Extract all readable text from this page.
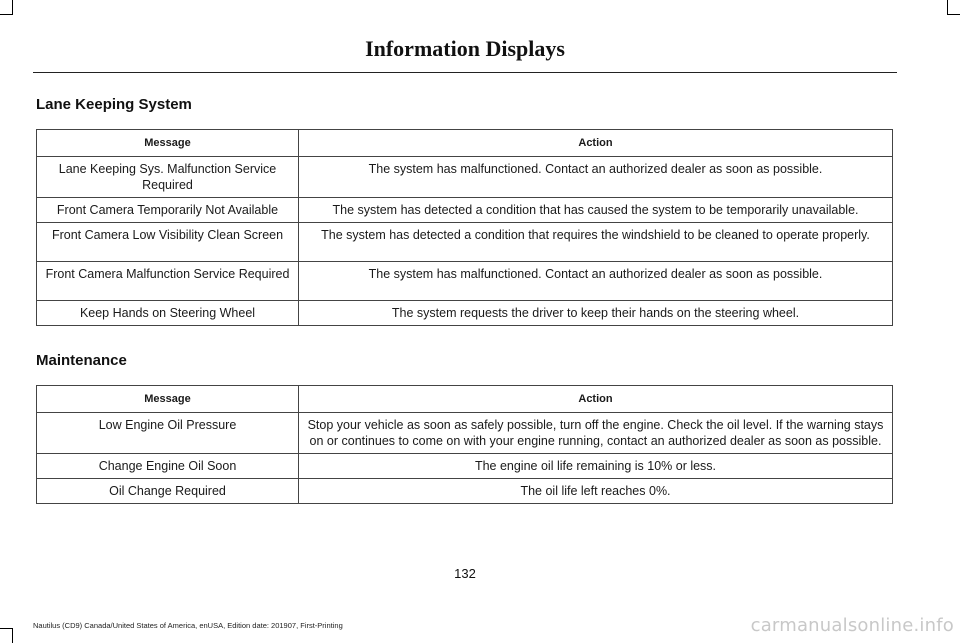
Information Displays
Lane Keeping System
Message	Action
Lane Keeping Sys. Malfunction Service Required	The system has malfunctioned. Contact an authorized dealer as soon as possible.
Front Camera Temporarily Not Available	The system has detected a condition that has caused the system to be temporarily unavailable.
Front Camera Low Visibility Clean Screen	The system has detected a condition that requires the windshield to be cleaned to operate properly.
Front Camera Malfunction Service Required	The system has malfunctioned. Contact an authorized dealer as soon as possible.
Keep Hands on Steering Wheel	The system requests the driver to keep their hands on the steering wheel.
Maintenance
Message	Action
Low Engine Oil Pressure	Stop your vehicle as soon as safely possible, turn off the engine. Check the oil level. If the warning stays on or continues to come on with your engine running, contact an authorized dealer as soon as possible.
Change Engine Oil Soon	The engine oil life remaining is 10% or less.
Oil Change Required	The oil life left reaches 0%.
132
Nautilus (CD9) Canada/United States of America, enUSA, Edition date: 201907, First-Printing	carmanualsonline.info
